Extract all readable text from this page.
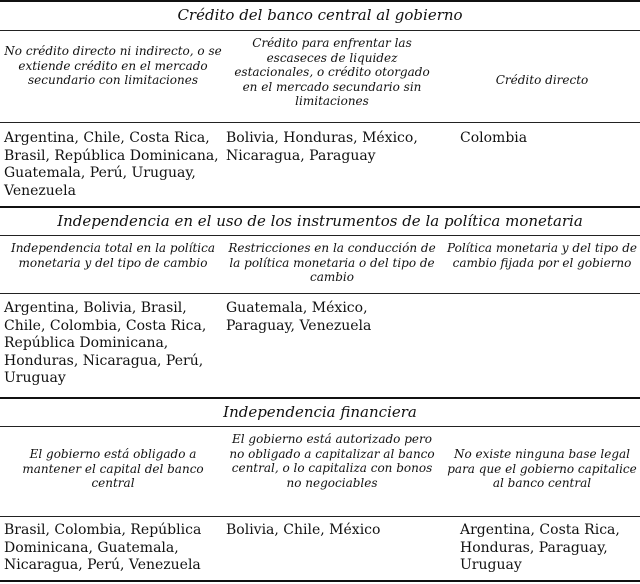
Crédito del banco central al gobierno
No crédito directo ni indirecto, o se extiende crédito en el mercado secundario con limitaciones
Crédito para enfrentar las escaseces de liquidez estacionales, o crédito otorgado en el mercado secundario sin limitaciones
Crédito directo
Argentina, Chile, Costa Rica, Brasil, República Dominicana, Guatemala, Perú, Uruguay, Venezuela
Bolivia, Honduras, México, Nicaragua, Paraguay
Colombia
Independencia en el uso de los instrumentos de la política monetaria
Independencia total en la política monetaria y del tipo de cambio
Restricciones en la conducción de la política monetaria o del tipo de cambio
Política monetaria y del tipo de cambio fijada por el gobierno
Argentina, Bolivia, Brasil, Chile, Colombia, Costa Rica, República Dominicana, Honduras, Nicaragua, Perú, Uruguay
Guatemala, México, Paraguay, Venezuela
Independencia financiera
El gobierno está obligado a mantener el capital del banco central
El gobierno está autorizado pero no obligado a capitalizar al banco central, o lo capitaliza con bonos no negociables
No existe ninguna base legal para que el gobierno capitalice al banco central
Brasil, Colombia, República Dominicana, Guatemala, Nicaragua, Perú, Venezuela
Bolivia, Chile, México	Argentina, Costa Rica, Honduras, Paraguay, Uruguay
